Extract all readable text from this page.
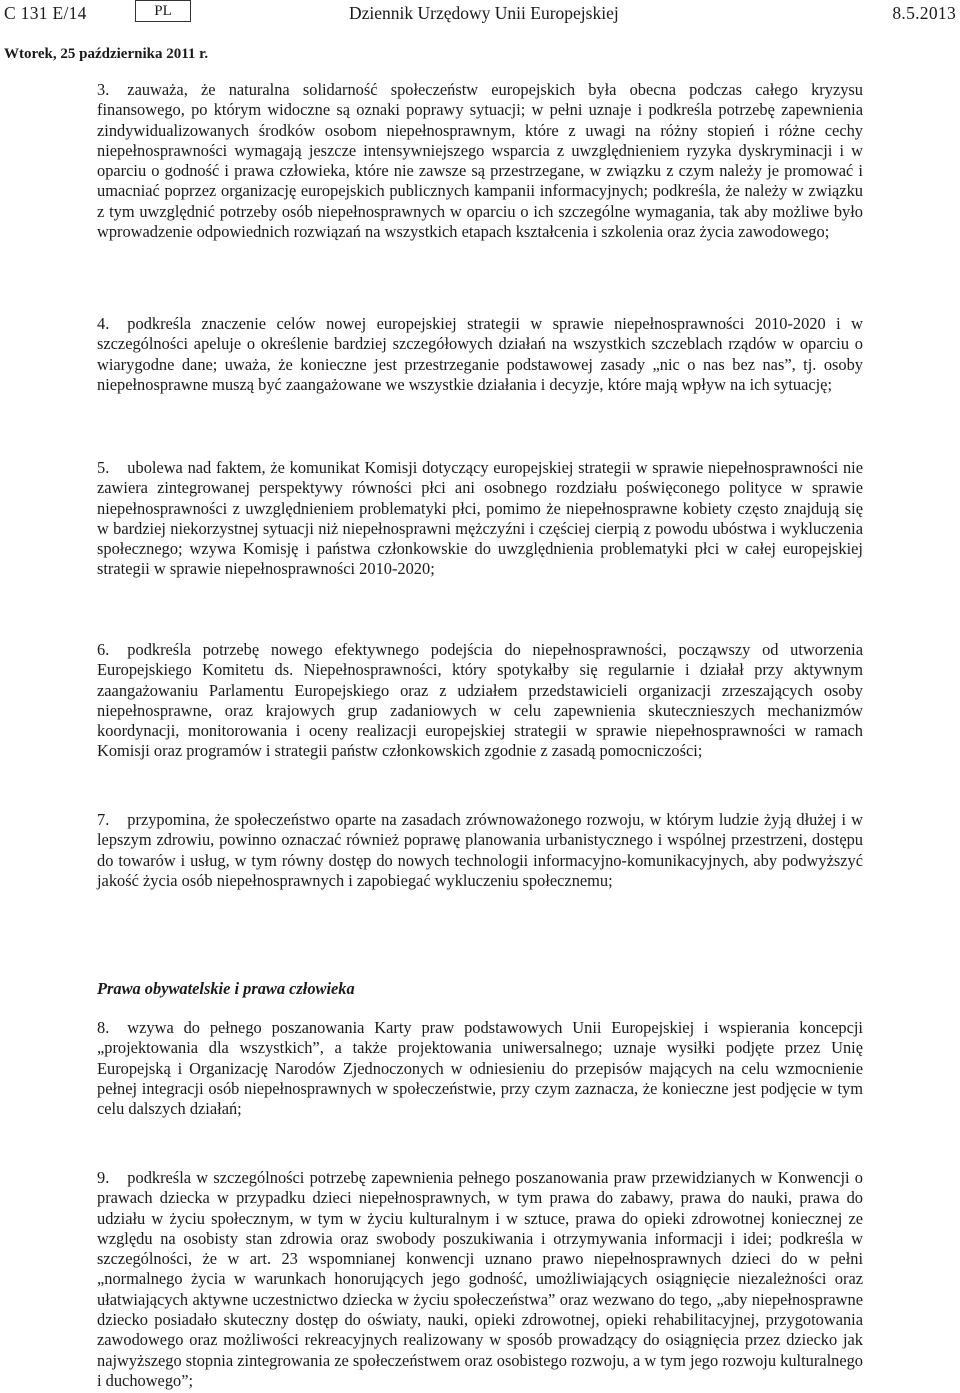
C 131 E/14	PL	Dziennik Urzędowy Unii Europejskiej	8.5.2013
Wtorek, 25 października 2011 r.
3. zauważa, że naturalna solidarność społeczeństw europejskich była obecna podczas całego kryzysu finansowego, po którym widoczne są oznaki poprawy sytuacji; w pełni uznaje i podkreśla potrzebę zapewnienia zindywidualizowanych środków osobom niepełnosprawnym, które z uwagi na różny stopień i różne cechy niepełnosprawności wymagają jeszcze intensywniejszego wsparcia z uwzględnieniem ryzyka dyskryminacji i w oparciu o godność i prawa człowieka, które nie zawsze są przestrzegane, w związku z czym należy je promować i umacniać poprzez organizację europejskich publicznych kampanii informacyjnych; podkreśla, że należy w związku z tym uwzględnić potrzeby osób niepełnosprawnych w oparciu o ich szczególne wymagania, tak aby możliwe było wprowadzenie odpowiednich rozwiązań na wszystkich etapach kształcenia i szkolenia oraz życia zawodowego;
4. podkreśla znaczenie celów nowej europejskiej strategii w sprawie niepełnosprawności 2010-2020 i w szczególności apeluje o określenie bardziej szczegółowych działań na wszystkich szczeblach rządów w oparciu o wiarygodne dane; uważa, że konieczne jest przestrzeganie podstawowej zasady „nic o nas bez nas”, tj. osoby niepełnosprawne muszą być zaangażowane we wszystkie działania i decyzje, które mają wpływ na ich sytuację;
5. ubolewa nad faktem, że komunikat Komisji dotyczący europejskiej strategii w sprawie niepełnosprawności nie zawiera zintegrowanej perspektywy równości płci ani osobnego rozdziału poświęconego polityce w sprawie niepełnosprawności z uwzględnieniem problematyki płci, pomimo że niepełnosprawne kobiety często znajdują się w bardziej niekorzystnej sytuacji niż niepełnosprawni mężczyźni i częściej cierpią z powodu ubóstwa i wykluczenia społecznego; wzywa Komisję i państwa członkowskie do uwzględnienia problematyki płci w całej europejskiej strategii w sprawie niepełnosprawności 2010-2020;
6. podkreśla potrzebę nowego efektywnego podejścia do niepełnosprawności, począwszy od utworzenia Europejskiego Komitetu ds. Niepełnosprawności, który spotykałby się regularnie i działał przy aktywnym zaangażowaniu Parlamentu Europejskiego oraz z udziałem przedstawicieli organizacji zrzeszających osoby niepełnosprawne, oraz krajowych grup zadaniowych w celu zapewnienia skutecznieszych mechanizmów koordynacji, monitorowania i oceny realizacji europejskiej strategii w sprawie niepełnosprawności w ramach Komisji oraz programów i strategii państw członkowskich zgodnie z zasadą pomocniczości;
7. przypomina, że społeczeństwo oparte na zasadach zrównoważonego rozwoju, w którym ludzie żyją dłużej i w lepszym zdrowiu, powinno oznaczać również poprawę planowania urbanistycznego i wspólnej przestrzeni, dostępu do towarów i usług, w tym równy dostęp do nowych technologii informacyjno-komunikacyjnych, aby podwyższyć jakość życia osób niepełnosprawnych i zapobiegać wykluczeniu społecznemu;
Prawa obywatelskie i prawa człowieka
8. wzywa do pełnego poszanowania Karty praw podstawowych Unii Europejskiej i wspierania koncepcji „projektowania dla wszystkich”, a także projektowania uniwersalnego; uznaje wysiłki podjęte przez Unię Europejską i Organizację Narodów Zjednoczonych w odniesieniu do przepisów mających na celu wzmocnienie pełnej integracji osób niepełnosprawnych w społeczeństwie, przy czym zaznacza, że konieczne jest podjęcie w tym celu dalszych działań;
9. podkreśla w szczególności potrzebę zapewnienia pełnego poszanowania praw przewidzianych w Konwencji o prawach dziecka w przypadku dzieci niepełnosprawnych, w tym prawa do zabawy, prawa do nauki, prawa do udziału w życiu społecznym, w tym w życiu kulturalnym i w sztuce, prawa do opieki zdrowotnej koniecznej ze względu na osobisty stan zdrowia oraz swobody poszukiwania i otrzymywania informacji i idei; podkreśla w szczególności, że w art. 23 wspomnianej konwencji uznano prawo niepełnosprawnych dzieci do w pełni „normalnego życia w warunkach honorujących jego godność, umożliwiających osiągnięcie niezależności oraz ułatwiających aktywne uczestnictwo dziecka w życiu społeczeństwa” oraz wezwano do tego, „aby niepełnosprawne dziecko posiadało skuteczny dostęp do oświaty, nauki, opieki zdrowotnej, opieki rehabilitacyjnej, przygotowania zawodowego oraz możliwości rekreacyjnych realizowany w sposób prowadzący do osiągnięcia przez dziecko jak najwyższego stopnia zintegrowania ze społeczeństwem oraz osobistego rozwoju, a w tym jego rozwoju kulturalnego i duchowego”;
